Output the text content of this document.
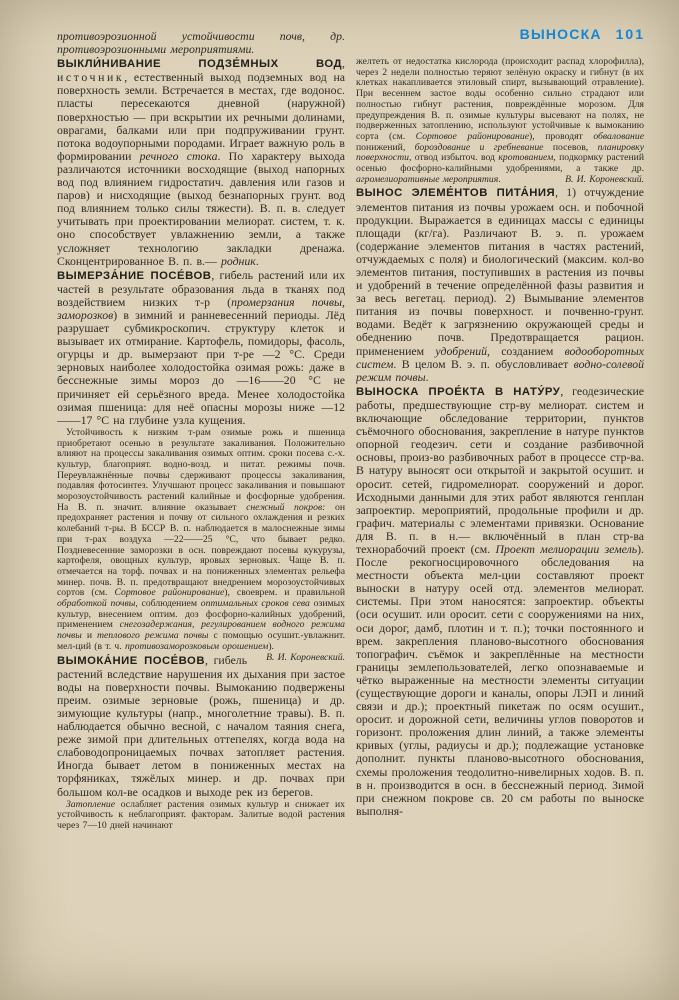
ВЫНОСКА 101

противоэрозионной устойчивости почв, др. противоэрозионными мероприятиями.

ВЫКЛИ́НИВАНИЕ ПОДЗЕ́МНЫХ ВОД, источник, естественный выход подземных вод на поверхность земли. Встречается в местах, где водонос. пласты пересекаются дневной (наружной) поверхностью — при вскрытии их речными долинами, оврагами, балками или при подпруживании грунт. потока водоупорными породами. Играет важную роль в формировании речного стока. По характеру выхода различаются источники восходящие (выход напорных вод под влиянием гидростатич. давления или газов и паров) и нисходящие (выход безнапорных грунт. вод под влиянием только силы тяжести). В. п. в. следует учитывать при проектировании мелиорат. систем, т. к. оно способствует увлажнению земли, а также усложняет технологию закладки дренажа. Сконцентрированное В. п. в.— родник.

ВЫМЕРЗА́НИЕ ПОСЕ́ВОВ, гибель растений или их частей в результате образования льда в тканях под воздействием низких т-р (промерзания почвы, заморозков) в зимний и ранневесенний периоды. Лёд разрушает субмикроскопич. структуру клеток и вызывает их отмирание. Картофель, помидоры, фасоль, огурцы и др. вымерзают при т-ре —2 °С. Среди зерновых наиболее холодостойка озимая рожь: даже в бесснежные зимы мороз до —16——20 °С не причиняет ей серьёзного вреда. Менее холодостойка озимая пшеница: для неё опасны морозы ниже —12——17 °С на глубине узла кущения.

Устойчивость к низким т-рам озимые рожь и пшеница приобретают осенью в результате закаливания. Положительно влияют на процессы закаливания озимых оптим. сроки посева с.-х. культур, благоприят. водно-возд. и питат. режимы почв. Переувлажнённые почвы сдерживают процессы закаливания, подавляя фотосинтез. Улучшают процесс закаливания и повышают морозоустойчивость растений калийные и фосфорные удобрения. На В. п. значит. влияние оказывает снежный покров: он предохраняет растения и почву от сильного охлаждения и резких колебаний т-ры. В БССР В. п. наблюдается в малоснежные зимы при т-рах воздуха —22——25 °С, что бывает редко. Поздневесенние заморозки в осн. повреждают посевы кукурузы, картофеля, овощных культур, яровых зерновых. Чаще В. п. отмечается на торф. почвах и на пониженных элементах рельефа минер. почв. В. п. предотвращают внедрением морозоустойчивых сортов (см. Сортовое районирование), своеврем. и правильной обработкой почвы, соблюдением оптимальных сроков сева озимых культур, внесением оптим. доз фосфорно-калийных удобрений, применением снегозадержания, регулированием водного режима почвы и теплового режима почвы с помощью осушит.-увлажнит. мел-ций (в т. ч. противозаморозковым орошением).
В. И. Короневский.

ВЫМОКА́НИЕ ПОСЕ́ВОВ, гибель растений вследствие нарушения их дыхания при застое воды на поверхности почвы. Вымоканию подвержены преим. озимые зерновые (рожь, пшеница) и др. зимующие культуры (напр., многолетние травы). В. п. наблюдается обычно весной, с началом таяния снега, реже зимой при длительных оттепелях, когда вода на слабоводопроницаемых почвах затопляет растения. Иногда бывает летом в пониженных местах на торфяниках, тяжёлых минер. и др. почвах при большом кол-ве осадков и выходе рек из берегов.

Затопление ослабляет растения озимых культур и снижает их устойчивость к неблагоприят. факторам. Залитые водой растения через 7—10 дней начинают

желтеть от недостатка кислорода (происходит распад хлорофилла), через 2 недели полностью теряют зелёную окраску и гибнут (в их клетках накапливается этиловый спирт, вызывающий отравление). При весеннем застое воды особенно сильно страдают или полностью гибнут растения, повреждённые морозом. Для предупреждения В. п. озимые культуры высевают на полях, не подверженных затоплению, используют устойчивые к вымоканию сорта (см. Сортовое районирование), проводят обвалование понижений, бороздование и гребневание посевов, планировку поверхности, отвод избыточ. вод кротованием, подкормку растений осенью фосфорно-калийными удобрениями, а также др. агромелиоративные мероприятия.	В. И. Короневский.

ВЫНОС ЭЛЕМЕ́НТОВ ПИТА́НИЯ, 1) отчуждение элементов питания из почвы урожаем осн. и побочной продукции. Выражается в единицах массы с единицы площади (кг/га). Различают В. э. п. урожаем (содержание элементов питания в частях растений, отчуждаемых с поля) и биологический (максим. кол-во элементов питания, поступивших в растения из почвы и удобрений в течение определённой фазы развития и за весь вегетац. период). 2) Вымывание элементов питания из почвы поверхност. и почвенно-грунт. водами. Ведёт к загрязнению окружающей среды и обеднению почв. Предотвращается рацион. применением удобрений, созданием водооборотных систем. В целом В. э. п. обусловливает водно-солевой режим почвы.

ВЫНОСКА ПРОЕ́КТА В НАТУ́РУ, геодезические работы, предшествующие стр-ву мелиорат. систем и включающие обследование территории, пунктов съёмочного обоснования, закрепление в натуре пунктов опорной геодезич. сети и создание разбивочной основы, произ-во разбивочных работ в процессе стр-ва. В натуру выносят оси открытой и закрытой осушит. и оросит. сетей, гидромелиорат. сооружений и дорог. Исходными данными для этих работ являются генплан запроектир. мероприятий, продольные профили и др. графич. материалы с элементами привязки. Основание для В. п. в н.— включённый в план стр-ва технорабочий проект (см. Проект мелиорации земель). После рекогносцировочного обследования на местности объекта мел-ции составляют проект выноски в натуру осей отд. элементов мелиорат. системы. При этом наносятся: запроектир. объекты (оси осушит. или оросит. сети с сооружениями на них, оси дорог, дамб, плотин и т. п.); точки постоянного и врем. закрепления планово-высотного обоснования топографич. съёмок и закреплённые на местности границы землепользователей, легко опознаваемые и чётко выраженные на местности элементы ситуации (существующие дороги и каналы, опоры ЛЭП и линий связи и др.); проектный пикетаж по осям осушит., оросит. и дорожной сети, величины углов поворотов и горизонт. проложения длин линий, а также элементы кривых (углы, радиусы и др.); подлежащие установке дополнит. пункты планово-высотного обоснования, схемы проложения теодолитно-нивелирных ходов. В. п. в н. производится в осн. в бесснежный период. Зимой при снежном покрове св. 20 см работы по выноске выполня-
